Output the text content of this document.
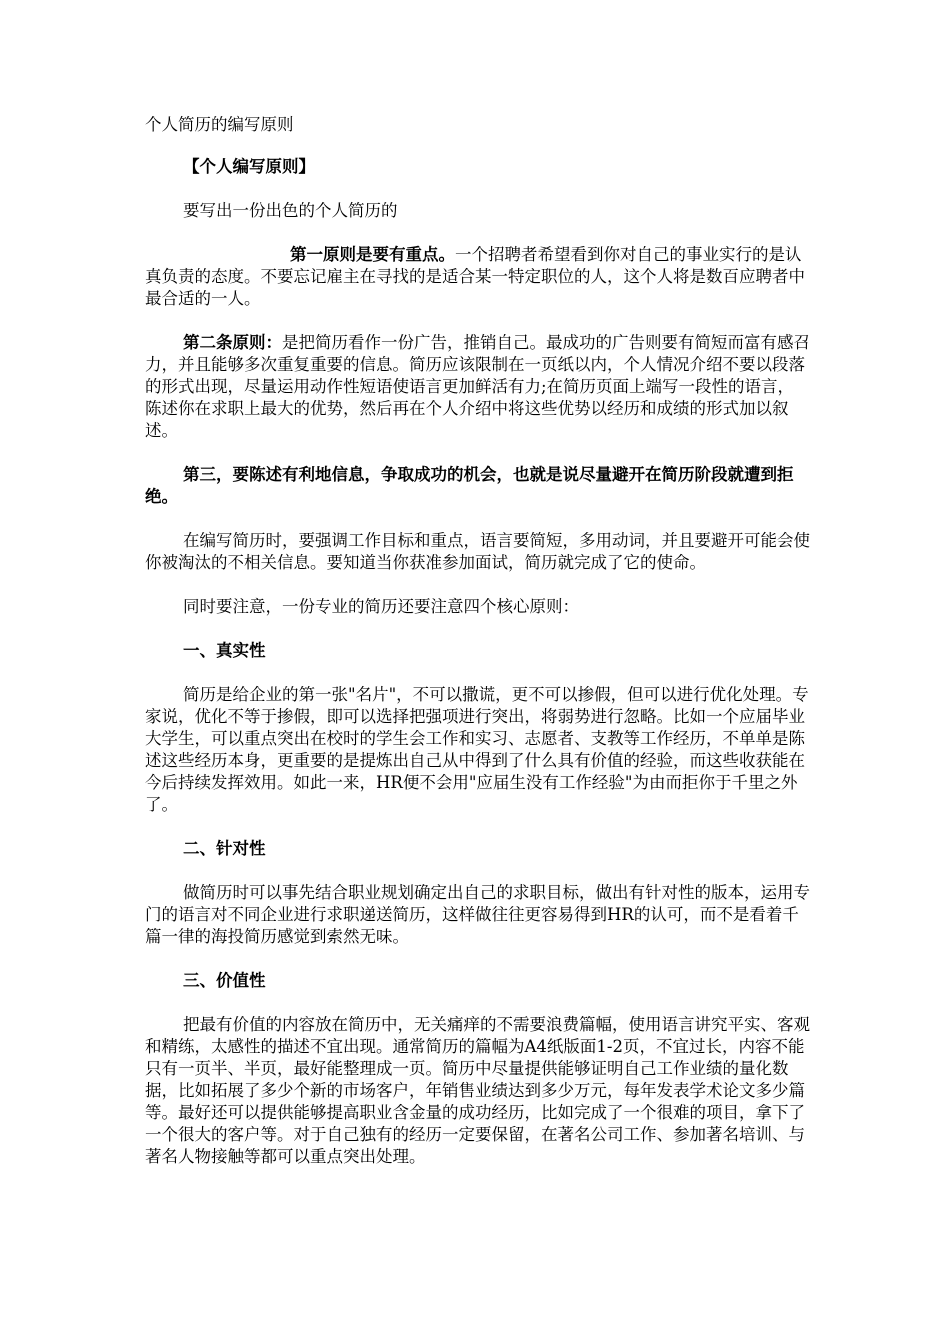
个人简历的编写原则
【个人编写原则】
要写出一份出色的个人简历的
第一原则是要有重点。一个招聘者希望看到你对自己的事业实行的是认真负责的态度。不要忘记雇主在寻找的是适合某一特定职位的人，这个人将是数百应聘者中最合适的一人。
第二条原则：是把简历看作一份广告，推销自己。最成功的广告则要有简短而富有感召力，并且能够多次重复重要的信息。简历应该限制在一页纸以内，个人情况介绍不要以段落的形式出现，尽量运用动作性短语使语言更加鲜活有力;在简历页面上端写一段性的语言，陈述你在求职上最大的优势，然后再在个人介绍中将这些优势以经历和成绩的形式加以叙述。
第三，要陈述有利地信息，争取成功的机会，也就是说尽量避开在简历阶段就遭到拒绝。
在编写简历时，要强调工作目标和重点，语言要简短，多用动词，并且要避开可能会使你被淘汰的不相关信息。要知道当你获准参加面试，简历就完成了它的使命。
同时要注意，一份专业的简历还要注意四个核心原则：
一、真实性
简历是给企业的第一张"名片"，不可以撒谎，更不可以掺假，但可以进行优化处理。专家说，优化不等于掺假，即可以选择把强项进行突出，将弱势进行忽略。比如一个应届毕业大学生，可以重点突出在校时的学生会工作和实习、志愿者、支教等工作经历，不单单是陈述这些经历本身，更重要的是提炼出自己从中得到了什么具有价值的经验，而这些收获能在今后持续发挥效用。如此一来，HR便不会用"应届生没有工作经验"为由而拒你于千里之外了。
二、针对性
做简历时可以事先结合职业规划确定出自己的求职目标，做出有针对性的版本，运用专门的语言对不同企业进行求职递送简历，这样做往往更容易得到HR的认可，而不是看着千篇一律的海投简历感觉到索然无味。
三、价值性
把最有价值的内容放在简历中，无关痛痒的不需要浪费篇幅，使用语言讲究平实、客观和精练，太感性的描述不宜出现。通常简历的篇幅为A4纸版面1-2页，不宜过长，内容不能只有一页半、半页，最好能整理成一页。简历中尽量提供能够证明自己工作业绩的量化数据，比如拓展了多少个新的市场客户，年销售业绩达到多少万元，每年发表学术论文多少篇等。最好还可以提供能够提高职业含金量的成功经历，比如完成了一个很难的项目，拿下了一个很大的客户等。对于自己独有的经历一定要保留，在著名公司工作、参加著名培训、与著名人物接触等都可以重点突出处理。
